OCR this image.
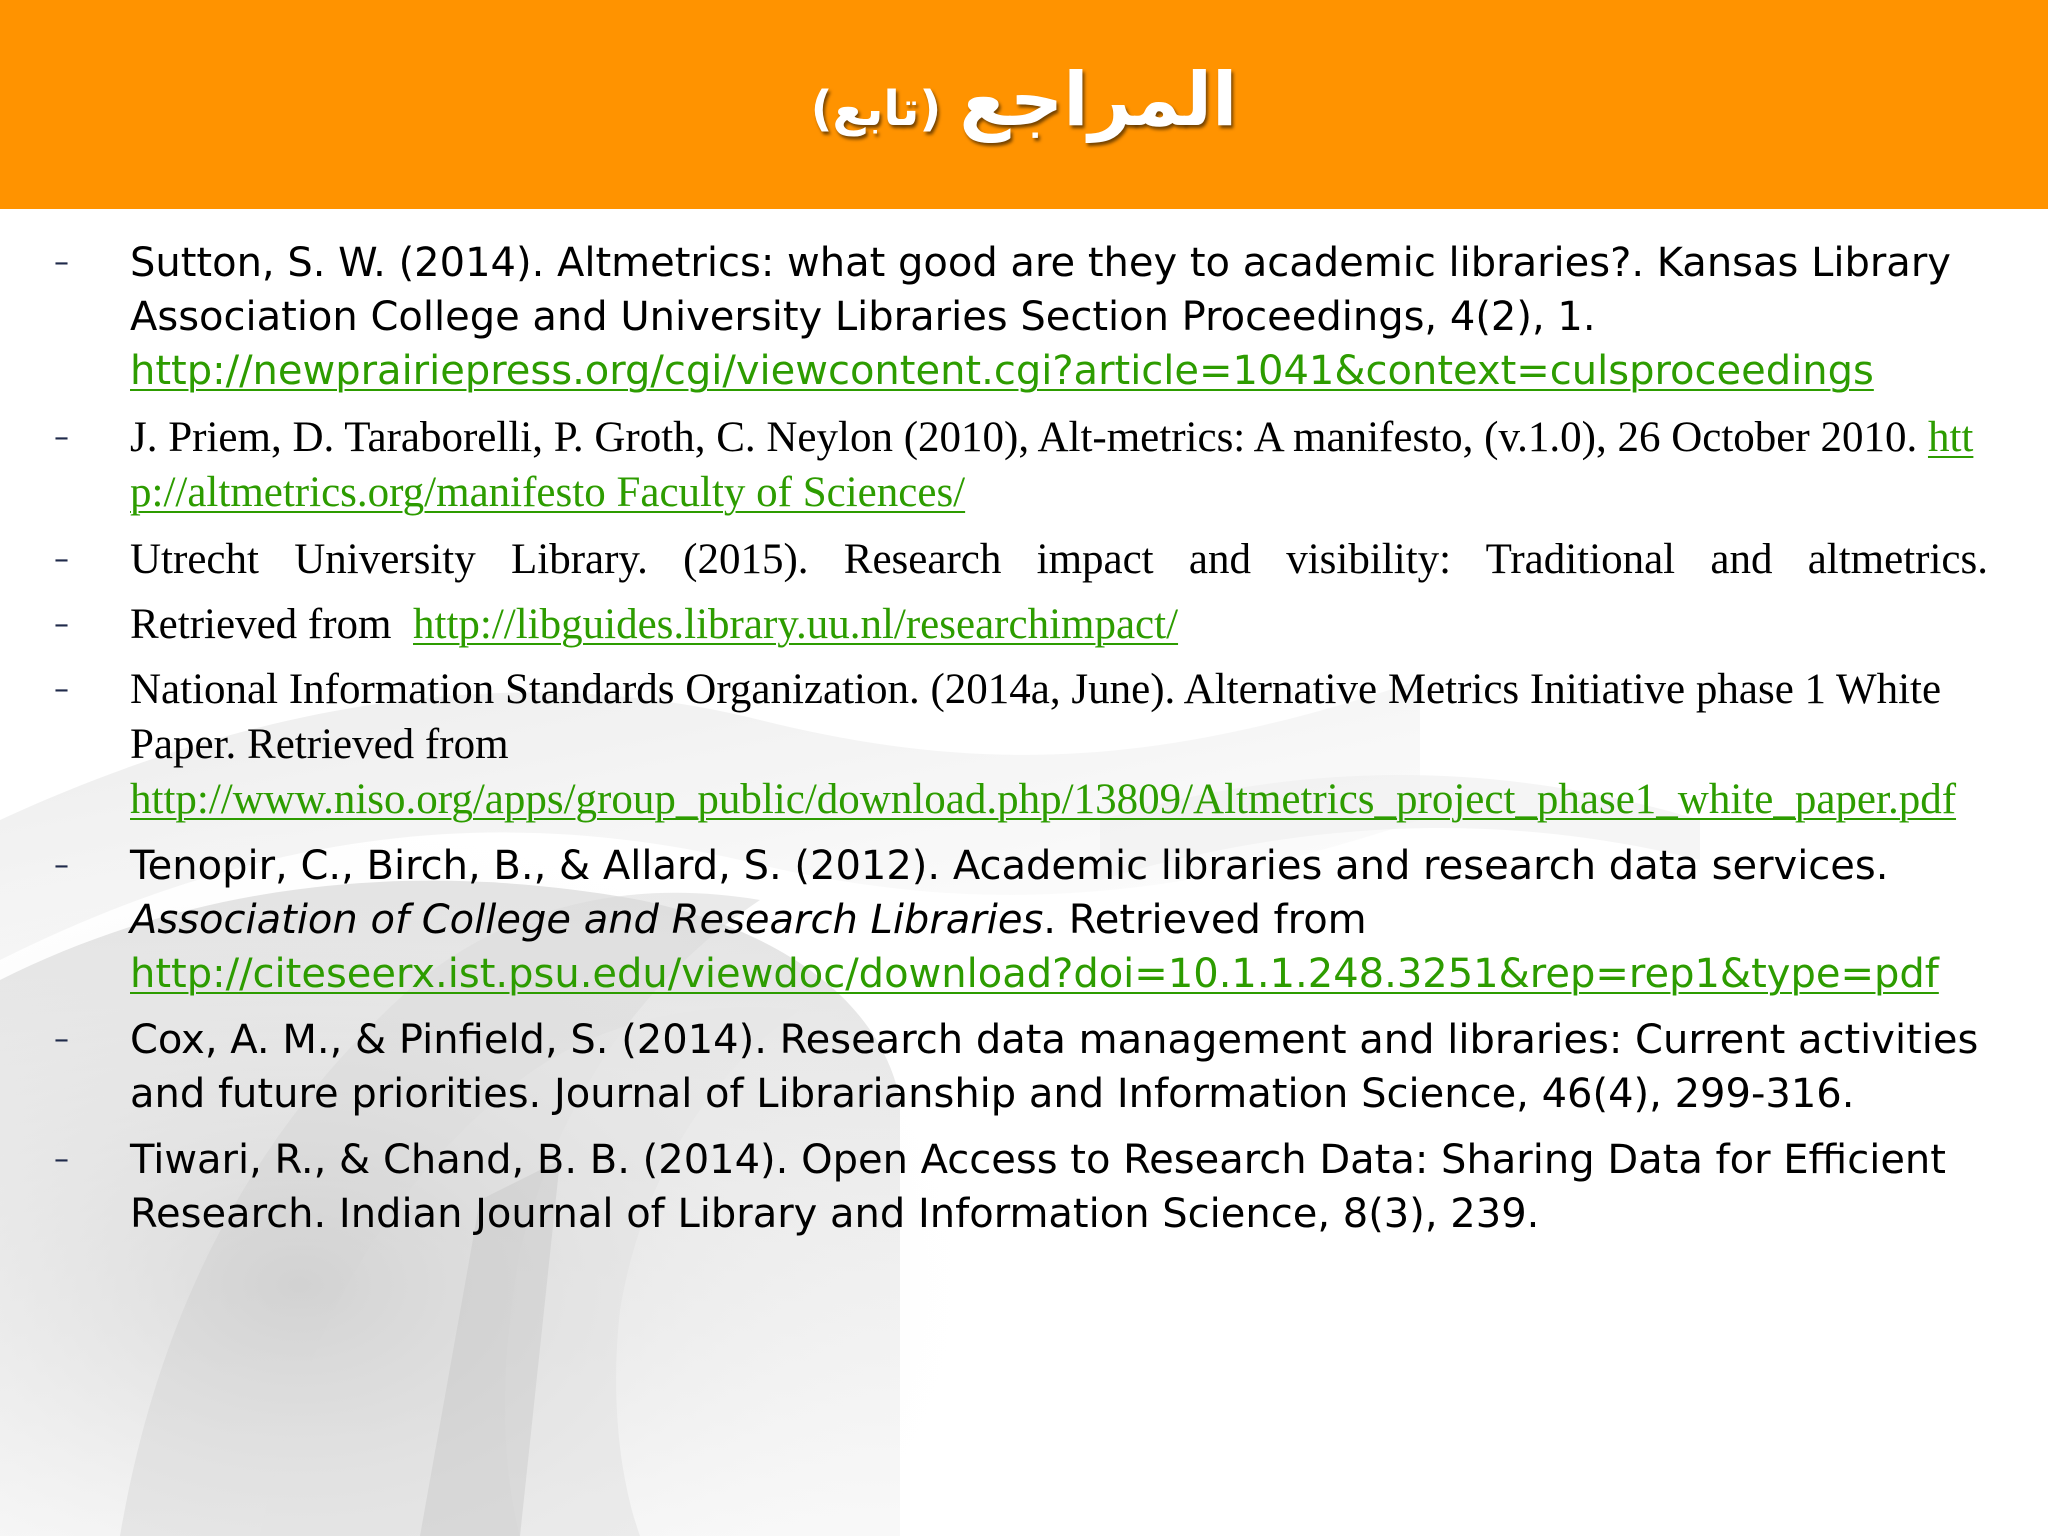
المراجع(تابع)
– Sutton, S. W. (2014). Altmetrics: what good are they to academic libraries?. Kansas Library Association College and University Libraries Section Proceedings, 4(2), 1.
http://newprairiepress.org/cgi/viewcontent.cgi?article=1041&context=culsproceedings
– J. Priem, D. Taraborelli, P. Groth, C. Neylon (2010), Alt-metrics: A manifesto, (v.1.0), 26 October 2010. http://altmetrics.org/manifesto Faculty of Sciences/
– Utrecht University Library. (2015). Research impact and visibility: Traditional and altmetrics.
– Retrieved from http://libguides.library.uu.nl/researchimpact/
– National Information Standards Organization. (2014a, June). Alternative Metrics Initiative phase 1 White Paper. Retrieved from
http://www.niso.org/apps/group_public/download.php/13809/Altmetrics_project_phase1_white_paper.pdf
– Tenopir, C., Birch, B., & Allard, S. (2012). Academic libraries and research data services.
Association of College and Research Libraries. Retrieved from
http://citeseerx.ist.psu.edu/viewdoc/download?doi=10.1.1.248.3251&rep=rep1&type=pdf
– Cox, A. M., & Pinfield, S. (2014). Research data management and libraries: Current activities and future priorities. Journal of Librarianship and Information Science, 46(4), 299-316.
– Tiwari, R., & Chand, B. B. (2014). Open Access to Research Data: Sharing Data for Efficient Research. Indian Journal of Library and Information Science, 8(3), 239.
